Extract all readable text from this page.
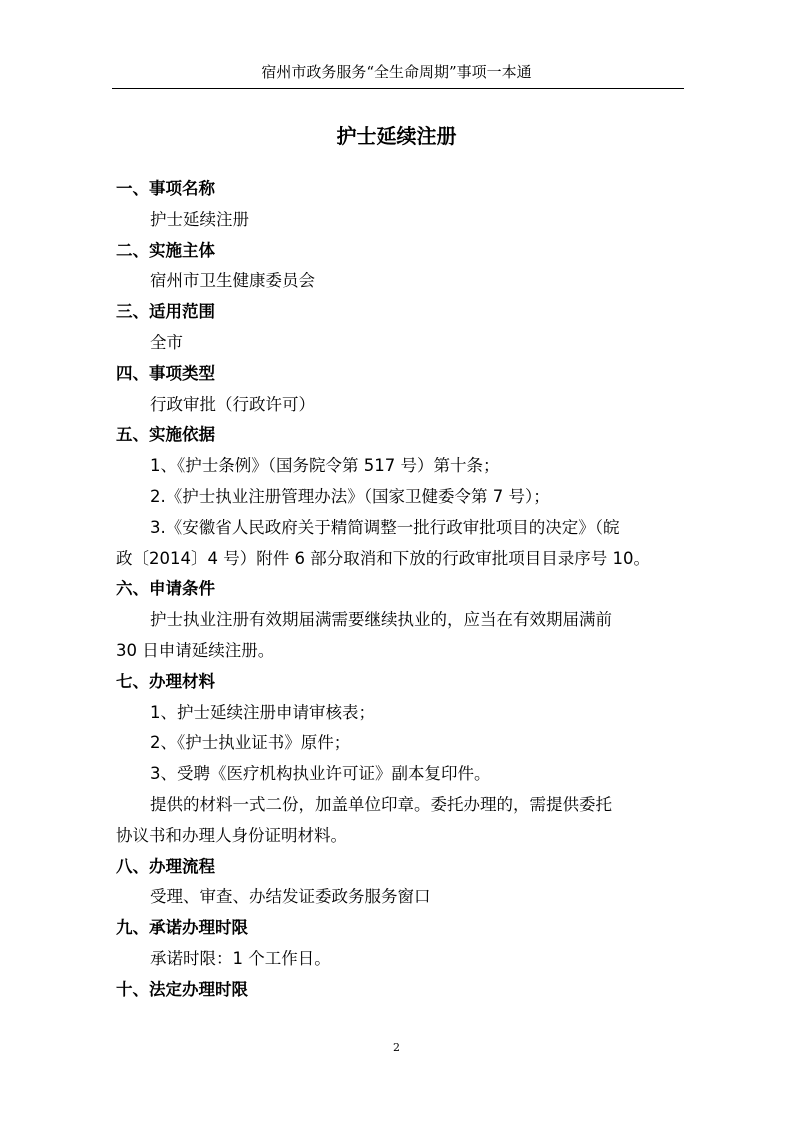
宿州市政务服务“全生命周期”事项一本通
护士延续注册
一、事项名称
护士延续注册
二、实施主体
宿州市卫生健康委员会
三、适用范围
全市
四、事项类型
行政审批（行政许可）
五、实施依据
1、《护士条例》（国务院令第 517 号）第十条；
2.《护士执业注册管理办法》（国家卫健委令第 7 号）；
3.《安徽省人民政府关于精简调整一批行政审批项目的决定》（皖
政〔2014〕4 号）附件 6 部分取消和下放的行政审批项目目录序号 10。
六、申请条件
护士执业注册有效期届满需要继续执业的，应当在有效期届满前
30 日申请延续注册。
七、办理材料
1、护士延续注册申请审核表；
2、《护士执业证书》原件；
3、受聘《医疗机构执业许可证》副本复印件。
提供的材料一式二份，加盖单位印章。委托办理的，需提供委托
协议书和办理人身份证明材料。
八、办理流程
受理、审查、办结发证委政务服务窗口
九、承诺办理时限
承诺时限：1 个工作日。
十、法定办理时限
2
